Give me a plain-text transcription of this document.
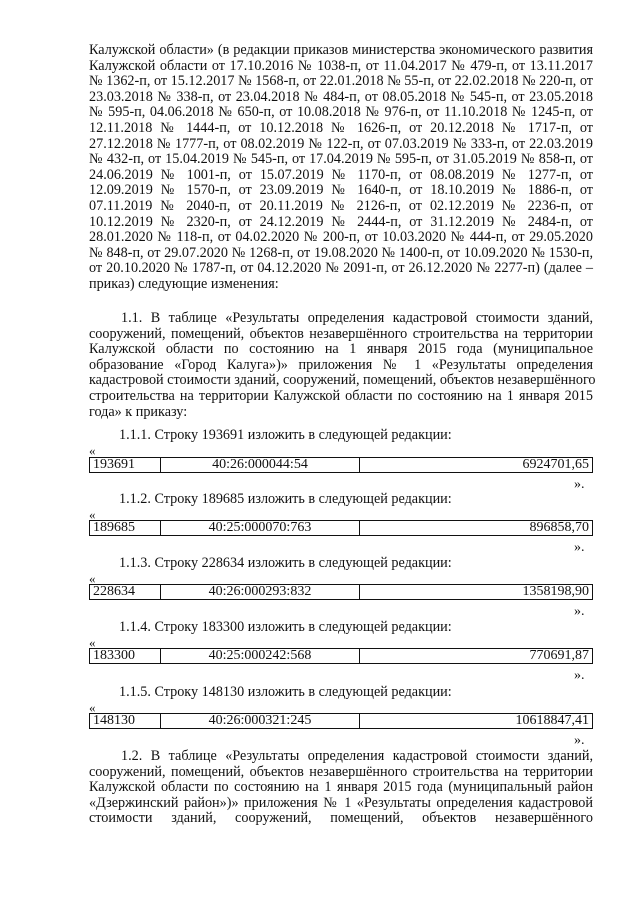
Калужской области» (в редакции приказов министерства экономического развития
Калужской области от 17.10.2016 № 1038-п, от 11.04.2017 № 479-п, от 13.11.2017
№ 1362-п, от 15.12.2017 № 1568-п, от 22.01.2018 № 55-п, от 22.02.2018 № 220-п, от
23.03.2018 № 338-п, от 23.04.2018 № 484-п, от 08.05.2018 № 545-п, от 23.05.2018
№ 595-п, 04.06.2018 № 650-п, от 10.08.2018 № 976-п, от 11.10.2018 № 1245-п, от
12.11.2018 № 1444-п, от 10.12.2018 № 1626-п, от 20.12.2018 № 1717-п, от
27.12.2018 № 1777-п, от 08.02.2019 № 122-п, от 07.03.2019 № 333-п, от 22.03.2019
№ 432-п, от 15.04.2019 № 545-п, от 17.04.2019 № 595-п, от 31.05.2019 № 858-п, от
24.06.2019 № 1001-п, от 15.07.2019 № 1170-п, от 08.08.2019 № 1277-п, от
12.09.2019 № 1570-п, от 23.09.2019 № 1640-п, от 18.10.2019 № 1886-п, от
07.11.2019 № 2040-п, от 20.11.2019 № 2126-п, от 02.12.2019 № 2236-п, от
10.12.2019 № 2320-п, от 24.12.2019 № 2444-п, от 31.12.2019 № 2484-п, от
28.01.2020 № 118-п, от 04.02.2020 № 200-п, от 10.03.2020 № 444-п, от 29.05.2020
№ 848-п, от 29.07.2020 № 1268-п, от 19.08.2020 № 1400-п, от 10.09.2020 № 1530-п,
от 20.10.2020 № 1787-п, от 04.12.2020 № 2091-п, от 26.12.2020 № 2277-п) (далее –
приказ) следующие изменения:
1.1. В таблице «Результаты определения кадастровой стоимости зданий,
сооружений, помещений, объектов незавершённого строительства на территории
Калужской области по состоянию на 1 января 2015 года (муниципальное
образование «Город Калуга»)» приложения № 1 «Результаты определения
кадастровой стоимости зданий, сооружений, помещений, объектов незавершённого
строительства на территории Калужской области по состоянию на 1 января 2015
года» к приказу:
1.1.1. Строку 193691 изложить в следующей редакции:
«
193691	40:26:000044:54	6924701,65
».
1.1.2. Строку 189685 изложить в следующей редакции:
«
189685	40:25:000070:763	896858,70
».
1.1.3. Строку 228634 изложить в следующей редакции:
«
228634	40:26:000293:832	1358198,90
».
1.1.4. Строку 183300 изложить в следующей редакции:
«
183300	40:25:000242:568	770691,87
».
1.1.5. Строку 148130 изложить в следующей редакции:
«
148130	40:26:000321:245	10618847,41
».
1.2. В таблице «Результаты определения кадастровой стоимости зданий,
сооружений, помещений, объектов незавершённого строительства на территории
Калужской области по состоянию на 1 января 2015 года (муниципальный район
«Дзержинский район»)» приложения № 1 «Результаты определения кадастровой
стоимости зданий, сооружений, помещений, объектов незавершённого
